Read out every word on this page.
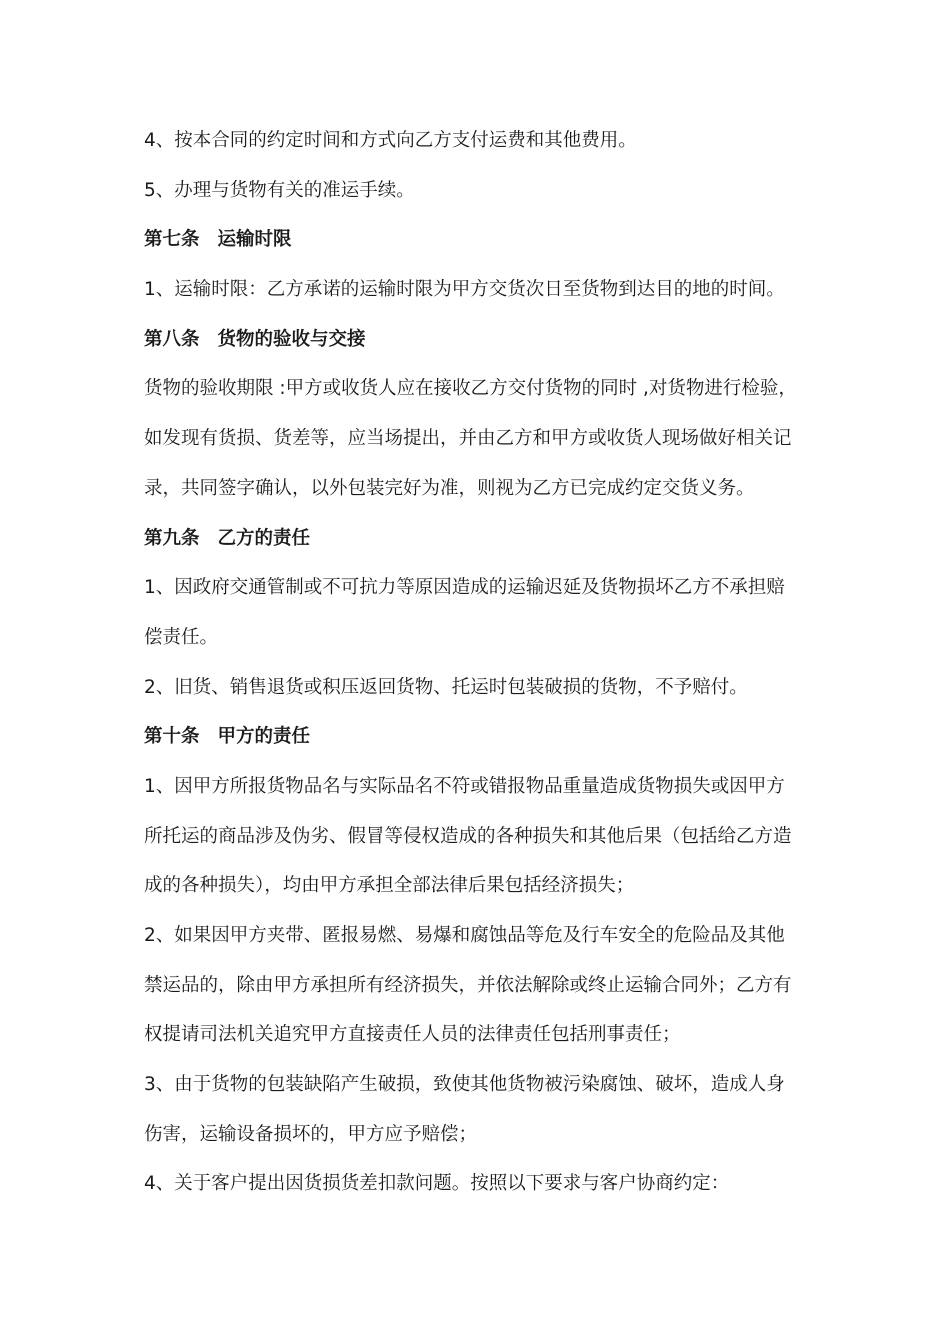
4、按本合同的约定时间和方式向乙方支付运费和其他费用。
5、办理与货物有关的准运手续。
第七条 运输时限
1、运输时限：乙方承诺的运输时限为甲方交货次日至货物到达目的地的时间。
第八条 货物的验收与交接
货物的验收期限 :甲方或收货人应在接收乙方交付货物的同时 ,对货物进行检验，
如发现有货损、货差等，应当场提出，并由乙方和甲方或收货人现场做好相关记
录，共同签字确认，以外包装完好为准，则视为乙方已完成约定交货义务。
第九条 乙方的责任
1、因政府交通管制或不可抗力等原因造成的运输迟延及货物损坏乙方不承担赔
偿责任。
2、旧货、销售退货或积压返回货物、托运时包装破损的货物，不予赔付。
第十条 甲方的责任
1、因甲方所报货物品名与实际品名不符或错报物品重量造成货物损失或因甲方
所托运的商品涉及伪劣、假冒等侵权造成的各种损失和其他后果（包括给乙方造
成的各种损失），均由甲方承担全部法律后果包括经济损失；
2、如果因甲方夹带、匿报易燃、易爆和腐蚀品等危及行车安全的危险品及其他
禁运品的，除由甲方承担所有经济损失，并依法解除或终止运输合同外；乙方有
权提请司法机关追究甲方直接责任人员的法律责任包括刑事责任；
3、由于货物的包装缺陷产生破损，致使其他货物被污染腐蚀、破坏，造成人身
伤害，运输设备损坏的，甲方应予赔偿；
4、关于客户提出因货损货差扣款问题。按照以下要求与客户协商约定：
